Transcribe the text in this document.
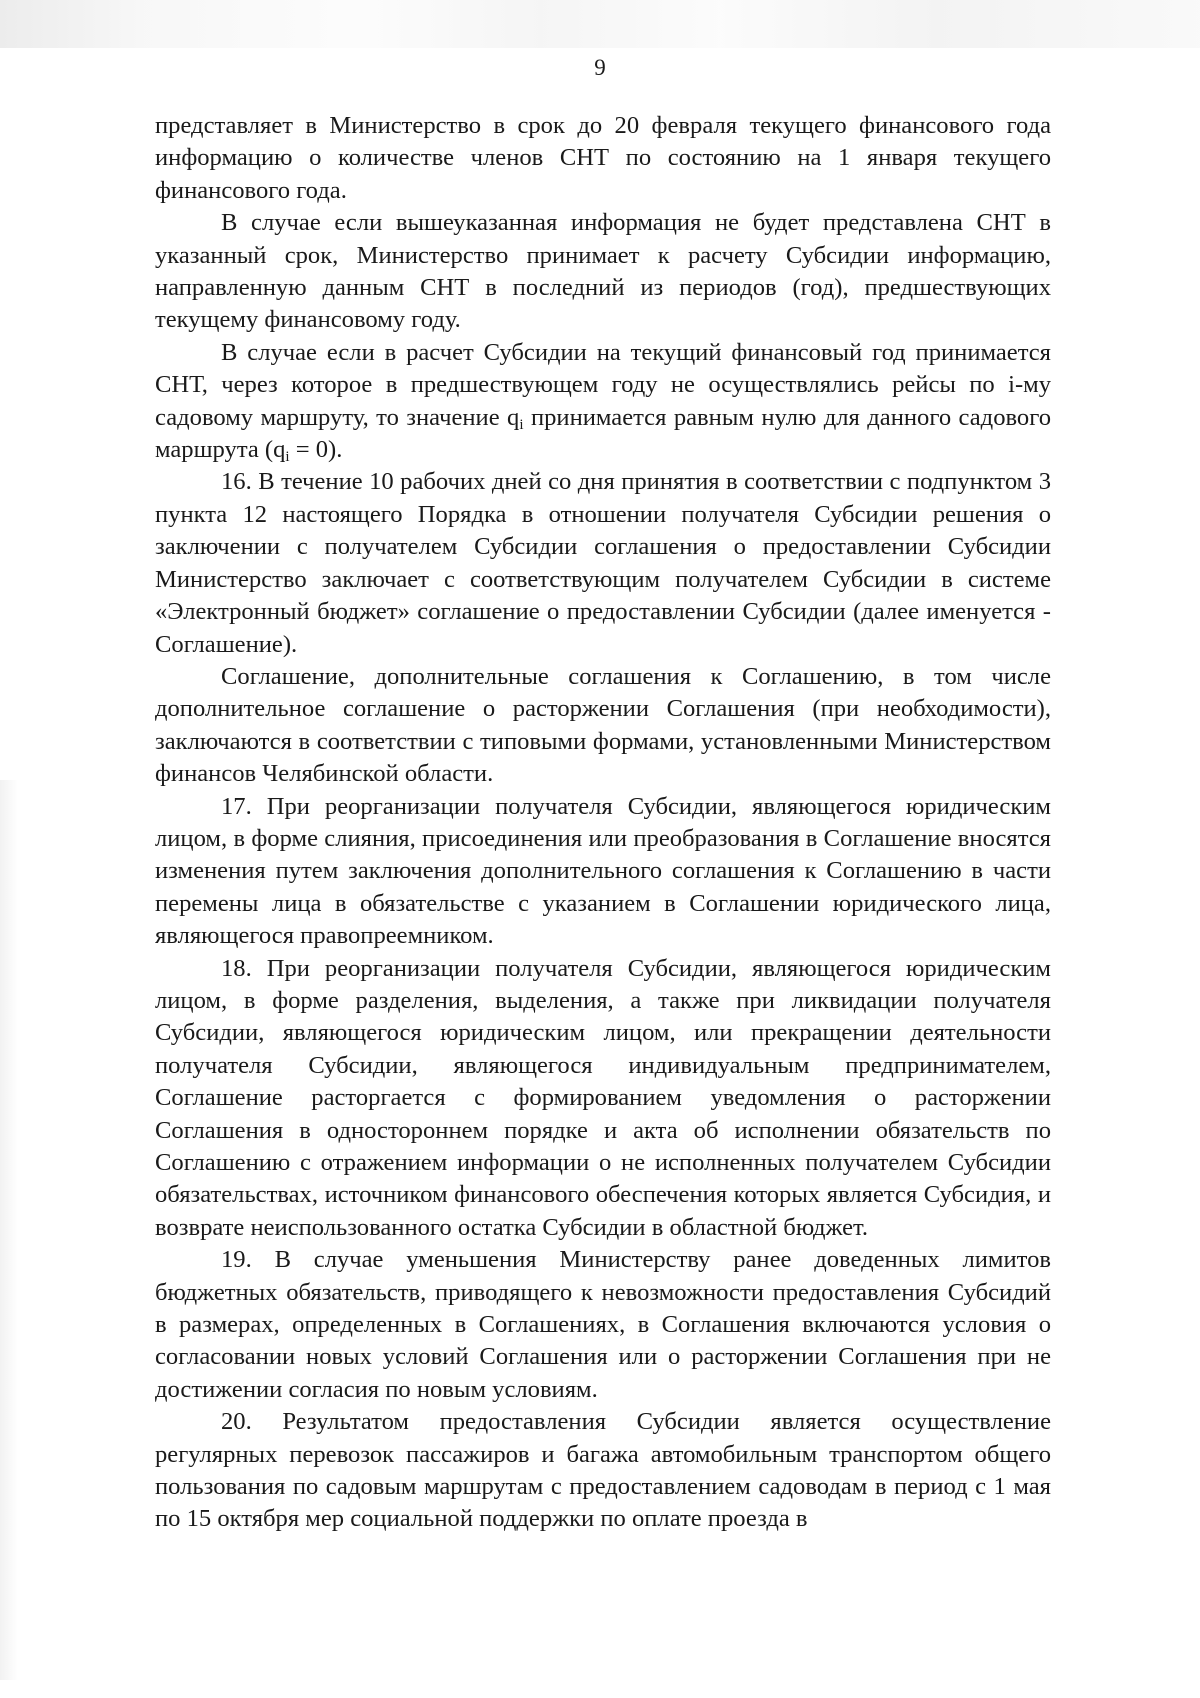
9

представляет в Министерство в срок до 20 февраля текущего финансового года информацию о количестве членов СНТ по состоянию на 1 января текущего финансового года.

В случае если вышеуказанная информация не будет представлена СНТ в указанный срок, Министерство принимает к расчету Субсидии информацию, направленную данным СНТ в последний из периодов (год), предшествующих текущему финансовому году.

В случае если в расчет Субсидии на текущий финансовый год принимается СНТ, через которое в предшествующем году не осуществлялись рейсы по i-му садовому маршруту, то значение $q_i$ принимается равным нулю для данного садового маршрута $(q_i = 0)$.

16. В течение 10 рабочих дней со дня принятия в соответствии с подпунктом 3 пункта 12 настоящего Порядка в отношении получателя Субсидии решения о заключении с получателем Субсидии соглашения о предоставлении Субсидии Министерство заключает с соответствующим получателем Субсидии в системе «Электронный бюджет» соглашение о предоставлении Субсидии (далее именуется - Соглашение).

Соглашение, дополнительные соглашения к Соглашению, в том числе дополнительное соглашение о расторжении Соглашения (при необходимости), заключаются в соответствии с типовыми формами, установленными Министерством финансов Челябинской области.

17. При реорганизации получателя Субсидии, являющегося юридическим лицом, в форме слияния, присоединения или преобразования в Соглашение вносятся изменения путем заключения дополнительного соглашения к Соглашению в части перемены лица в обязательстве с указанием в Соглашении юридического лица, являющегося правопреемником.

18. При реорганизации получателя Субсидии, являющегося юридическим лицом, в форме разделения, выделения, а также при ликвидации получателя Субсидии, являющегося юридическим лицом, или прекращении деятельности получателя Субсидии, являющегося индивидуальным предпринимателем, Соглашение расторгается с формированием уведомления о расторжении Соглашения в одностороннем порядке и акта об исполнении обязательств по Соглашению с отражением информации о не исполненных получателем Субсидии обязательствах, источником финансового обеспечения которых является Субсидия, и возврате неиспользованного остатка Субсидии в областной бюджет.

19. В случае уменьшения Министерству ранее доведенных лимитов бюджетных обязательств, приводящего к невозможности предоставления Субсидий в размерах, определенных в Соглашениях, в Соглашения включаются условия о согласовании новых условий Соглашения или о расторжении Соглашения при не достижении согласия по новым условиям.

20. Результатом предоставления Субсидии является осуществление регулярных перевозок пассажиров и багажа автомобильным транспортом общего пользования по садовым маршрутам с предоставлением садоводам в период с 1 мая по 15 октября мер социальной поддержки по оплате проезда в
